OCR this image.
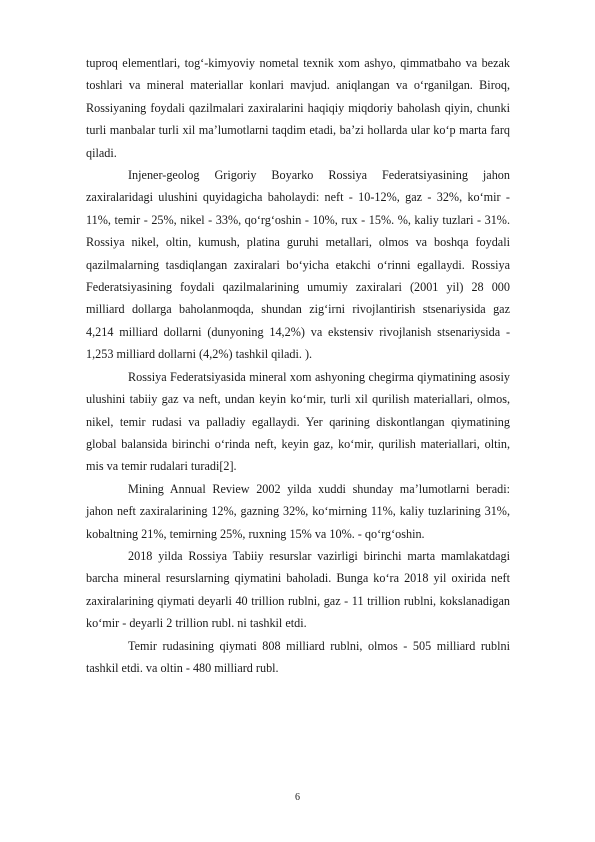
tuproq elementlari, tog‘-kimyoviy nometal texnik xom ashyo, qimmatbaho va bezak toshlari va mineral materiallar konlari mavjud. aniqlangan va o‘rganilgan. Biroq, Rossiyaning foydali qazilmalari zaxiralarini haqiqiy miqdoriy baholash qiyin, chunki turli manbalar turli xil ma’lumotlarni taqdim etadi, ba’zi hollarda ular ko‘p marta farq qiladi.

Injener-geolog Grigoriy Boyarko Rossiya Federatsiyasining jahon zaxiralaridagi ulushini quyidagicha baholaydi: neft - 10-12%, gaz - 32%, ko‘mir - 11%, temir - 25%, nikel - 33%, qo‘rg‘oshin - 10%, rux - 15%. %, kaliy tuzlari - 31%. Rossiya nikel, oltin, kumush, platina guruhi metallari, olmos va boshqa foydali qazilmalarning tasdiqlangan zaxiralari bo‘yicha etakchi o‘rinni egallaydi. Rossiya Federatsiyasining foydali qazilmalarining umumiy zaxiralari (2001 yil) 28 000 milliard dollarga baholanmoqda, shundan zig‘irni rivojlantirish stsenariysida gaz 4,214 milliard dollarni (dunyoning 14,2%) va ekstensiv rivojlanish stsenariysida - 1,253 milliard dollarni (4,2%) tashkil qiladi. ).

Rossiya Federatsiyasida mineral xom ashyoning chegirma qiymatining asosiy ulushini tabiiy gaz va neft, undan keyin ko‘mir, turli xil qurilish materiallari, olmos, nikel, temir rudasi va palladiy egallaydi. Yer qarining diskontlangan qiymatining global balansida birinchi o‘rinda neft, keyin gaz, ko‘mir, qurilish materiallari, oltin, mis va temir rudalari turadi[2].

Mining Annual Review 2002 yilda xuddi shunday ma’lumotlarni beradi: jahon neft zaxiralarining 12%, gazning 32%, ko‘mirning 11%, kaliy tuzlarining 31%, kobaltning 21%, temirning 25%, ruxning 15% va 10%. - qo‘rg‘oshin.

2018 yilda Rossiya Tabiiy resurslar vazirligi birinchi marta mamlakatdagi barcha mineral resurslarning qiymatini baholadi. Bunga ko‘ra 2018 yil oxirida neft zaxiralarining qiymati deyarli 40 trillion rublni, gaz - 11 trillion rublni, kokslanadigan ko‘mir - deyarli 2 trillion rubl. ni tashkil etdi.

Temir rudasining qiymati 808 milliard rublni, olmos - 505 milliard rublni tashkil etdi. va oltin - 480 milliard rubl.

6
